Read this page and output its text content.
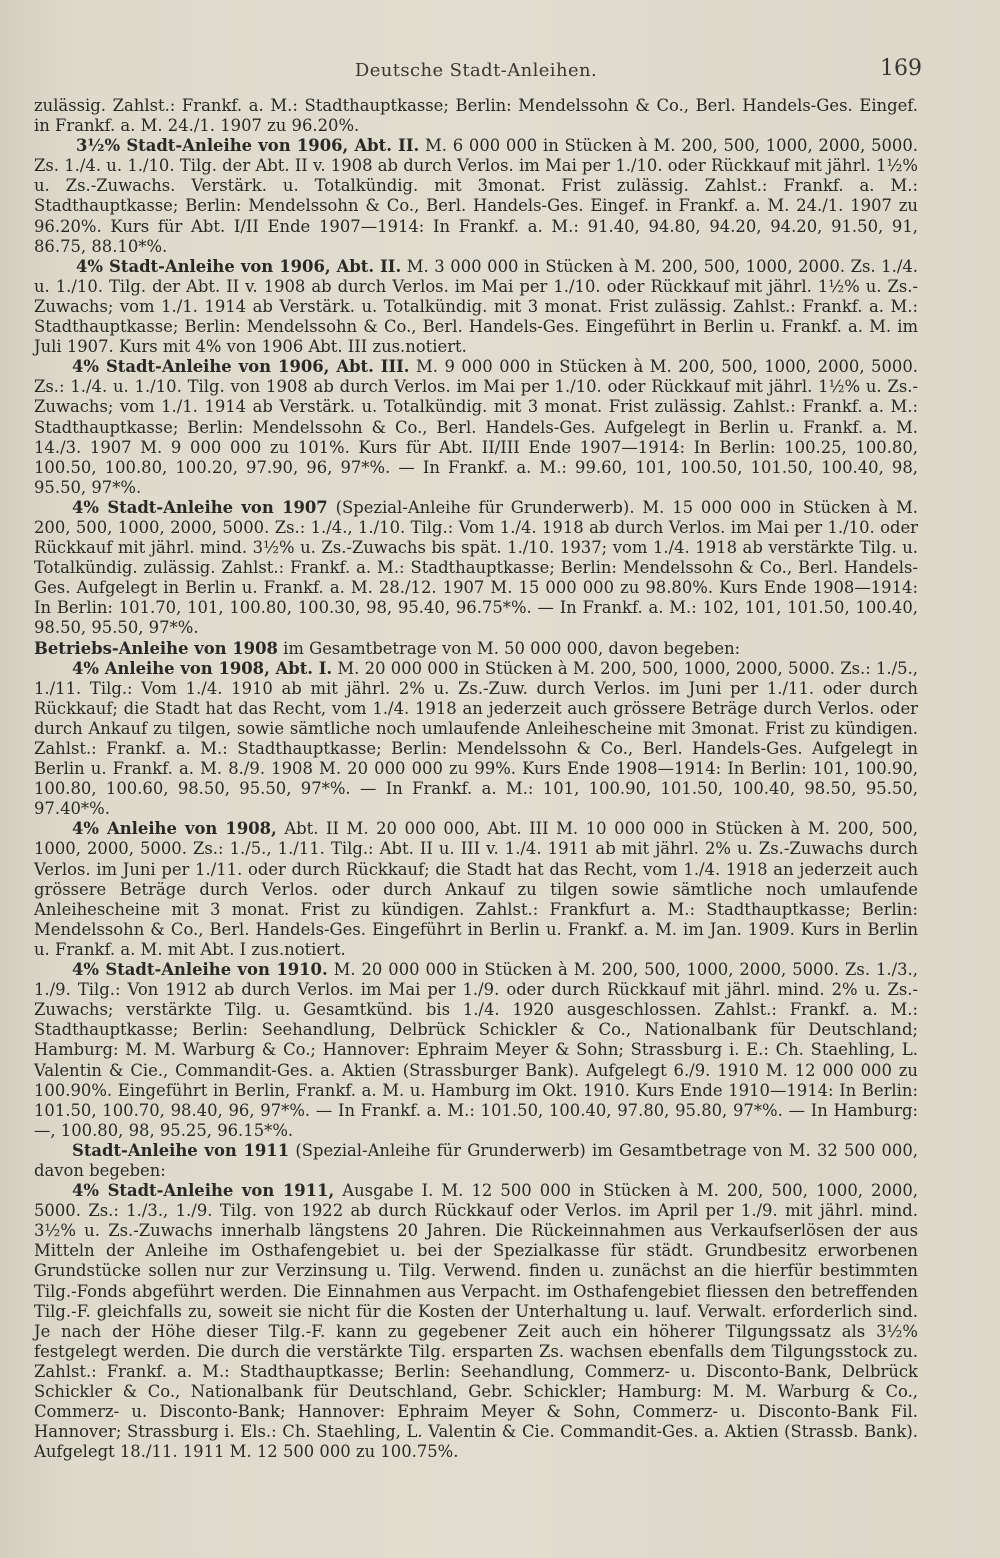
Deutsche Stadt-Anleihen.	169

zulässig. Zahlst.: Frankf. a. M.: Stadthauptkasse; Berlin: Mendelssohn & Co., Berl. Handels-Ges. Eingef. in Frankf. a. M. 24./1. 1907 zu 96.20%.

3½% Stadt-Anleihe von 1906, Abt. II. M. 6 000 000 in Stücken à M. 200, 500, 1000, 2000, 5000. Zs. 1./4. u. 1./10. Tilg. der Abt. II v. 1908 ab durch Verlos. im Mai per 1./10. oder Rückkauf mit jährl. 1½% u. Zs.-Zuwachs. Verstärk. u. Totalkündig. mit 3monat. Frist zulässig. Zahlst.: Frankf. a. M.: Stadthauptkasse; Berlin: Mendelssohn & Co., Berl. Handels-Ges. Eingef. in Frankf. a. M. 24./1. 1907 zu 96.20%. Kurs für Abt. I/II Ende 1907—1914: In Frankf. a. M.: 91.40, 94.80, 94.20, 94.20, 91.50, 91, 86.75, 88.10*%.

4% Stadt-Anleihe von 1906, Abt. II. M. 3 000 000 in Stücken à M. 200, 500, 1000, 2000. Zs. 1./4. u. 1./10. Tilg. der Abt. II v. 1908 ab durch Verlos. im Mai per 1./10. oder Rückkauf mit jährl. 1½% u. Zs.-Zuwachs; vom 1./1. 1914 ab Verstärk. u. Totalkündig. mit 3 monat. Frist zulässig. Zahlst.: Frankf. a. M.: Stadthauptkasse; Berlin: Mendelssohn & Co., Berl. Handels-Ges. Eingeführt in Berlin u. Frankf. a. M. im Juli 1907. Kurs mit 4% von 1906 Abt. III zus.notiert.

4% Stadt-Anleihe von 1906, Abt. III. M. 9 000 000 in Stücken à M. 200, 500, 1000, 2000, 5000. Zs.: 1./4. u. 1./10. Tilg. von 1908 ab durch Verlos. im Mai per 1./10. oder Rückkauf mit jährl. 1½% u. Zs.-Zuwachs; vom 1./1. 1914 ab Verstärk. u. Totalkündig. mit 3 monat. Frist zulässig. Zahlst.: Frankf. a. M.: Stadthauptkasse; Berlin: Mendelssohn & Co., Berl. Handels-Ges. Aufgelegt in Berlin u. Frankf. a. M. 14./3. 1907 M. 9 000 000 zu 101%. Kurs für Abt. II/III Ende 1907—1914: In Berlin: 100.25, 100.80, 100.50, 100.80, 100.20, 97.90, 96, 97*%. — In Frankf. a. M.: 99.60, 101, 100.50, 101.50, 100.40, 98, 95.50, 97*%.

4% Stadt-Anleihe von 1907 (Spezial-Anleihe für Grunderwerb). M. 15 000 000 in Stücken à M. 200, 500, 1000, 2000, 5000. Zs.: 1./4., 1./10. Tilg.: Vom 1./4. 1918 ab durch Verlos. im Mai per 1./10. oder Rückkauf mit jährl. mind. 3½% u. Zs.-Zuwachs bis spät. 1./10. 1937; vom 1./4. 1918 ab verstärkte Tilg. u. Totalkündig. zulässig. Zahlst.: Frankf. a. M.: Stadthauptkasse; Berlin: Mendelssohn & Co., Berl. Handels-Ges. Aufgelegt in Berlin u. Frankf. a. M. 28./12. 1907 M. 15 000 000 zu 98.80%. Kurs Ende 1908—1914: In Berlin: 101.70, 101, 100.80, 100.30, 98, 95.40, 96.75*%. — In Frankf. a. M.: 102, 101, 101.50, 100.40, 98.50, 95.50, 97*%.

Betriebs-Anleihe von 1908 im Gesamtbetrage von M. 50 000 000, davon begeben:

4% Anleihe von 1908, Abt. I. M. 20 000 000 in Stücken à M. 200, 500, 1000, 2000, 5000. Zs.: 1./5., 1./11. Tilg.: Vom 1./4. 1910 ab mit jährl. 2% u. Zs.-Zuw. durch Verlos. im Juni per 1./11. oder durch Rückkauf; die Stadt hat das Recht, vom 1./4. 1918 an jederzeit auch grössere Beträge durch Verlos. oder durch Ankauf zu tilgen, sowie sämtliche noch umlaufende Anleihescheine mit 3monat. Frist zu kündigen. Zahlst.: Frankf. a. M.: Stadthauptkasse; Berlin: Mendelssohn & Co., Berl. Handels-Ges. Aufgelegt in Berlin u. Frankf. a. M. 8./9. 1908 M. 20 000 000 zu 99%. Kurs Ende 1908—1914: In Berlin: 101, 100.90, 100.80, 100.60, 98.50, 95.50, 97*%. — In Frankf. a. M.: 101, 100.90, 101.50, 100.40, 98.50, 95.50, 97.40*%.

4% Anleihe von 1908, Abt. II M. 20 000 000, Abt. III M. 10 000 000 in Stücken à M. 200, 500, 1000, 2000, 5000. Zs.: 1./5., 1./11. Tilg.: Abt. II u. III v. 1./4. 1911 ab mit jährl. 2% u. Zs.-Zuwachs durch Verlos. im Juni per 1./11. oder durch Rückkauf; die Stadt hat das Recht, vom 1./4. 1918 an jederzeit auch grössere Beträge durch Verlos. oder durch Ankauf zu tilgen sowie sämtliche noch umlaufende Anleihescheine mit 3 monat. Frist zu kündigen. Zahlst.: Frankfurt a. M.: Stadthauptkasse; Berlin: Mendelssohn & Co., Berl. Handels-Ges. Eingeführt in Berlin u. Frankf. a. M. im Jan. 1909. Kurs in Berlin u. Frankf. a. M. mit Abt. I zus.notiert.

4% Stadt-Anleihe von 1910. M. 20 000 000 in Stücken à M. 200, 500, 1000, 2000, 5000. Zs. 1./3., 1./9. Tilg.: Von 1912 ab durch Verlos. im Mai per 1./9. oder durch Rückkauf mit jährl. mind. 2% u. Zs.-Zuwachs; verstärkte Tilg. u. Gesamtkünd. bis 1./4. 1920 ausgeschlossen. Zahlst.: Frankf. a. M.: Stadthauptkasse; Berlin: Seehandlung, Delbrück Schickler & Co., Nationalbank für Deutschland; Hamburg: M. M. Warburg & Co.; Hannover: Ephraim Meyer & Sohn; Strassburg i. E.: Ch. Staehling, L. Valentin & Cie., Commandit-Ges. a. Aktien (Strassburger Bank). Aufgelegt 6./9. 1910 M. 12 000 000 zu 100.90%. Eingeführt in Berlin, Frankf. a. M. u. Hamburg im Okt. 1910. Kurs Ende 1910—1914: In Berlin: 101.50, 100.70, 98.40, 96, 97*%. — In Frankf. a. M.: 101.50, 100.40, 97.80, 95.80, 97*%. — In Hamburg: —, 100.80, 98, 95.25, 96.15*%.

Stadt-Anleihe von 1911 (Spezial-Anleihe für Grunderwerb) im Gesamtbetrage von M. 32 500 000, davon begeben:

4% Stadt-Anleihe von 1911, Ausgabe I. M. 12 500 000 in Stücken à M. 200, 500, 1000, 2000, 5000. Zs.: 1./3., 1./9. Tilg. von 1922 ab durch Rückkauf oder Verlos. im April per 1./9. mit jährl. mind. 3½% u. Zs.-Zuwachs innerhalb längstens 20 Jahren. Die Rückeinnahmen aus Verkaufserlösen der aus Mitteln der Anleihe im Osthafengebiet u. bei der Spezialkasse für städt. Grundbesitz erworbenen Grundstücke sollen nur zur Verzinsung u. Tilg. Verwend. finden u. zunächst an die hierfür bestimmten Tilg.-Fonds abgeführt werden. Die Einnahmen aus Verpacht. im Osthafengebiet fliessen den betreffenden Tilg.-F. gleichfalls zu, soweit sie nicht für die Kosten der Unterhaltung u. lauf. Verwalt. erforderlich sind. Je nach der Höhe dieser Tilg.-F. kann zu gegebener Zeit auch ein höherer Tilgungssatz als 3½% festgelegt werden. Die durch die verstärkte Tilg. ersparten Zs. wachsen ebenfalls dem Tilgungsstock zu. Zahlst.: Frankf. a. M.: Stadthauptkasse; Berlin: Seehandlung, Commerz- u. Disconto-Bank, Delbrück Schickler & Co., Nationalbank für Deutschland, Gebr. Schickler; Hamburg: M. M. Warburg & Co., Commerz- u. Disconto-Bank; Hannover: Ephraim Meyer & Sohn, Commerz- u. Disconto-Bank Fil. Hannover; Strassburg i. Els.: Ch. Staehling, L. Valentin & Cie. Commandit-Ges. a. Aktien (Strassb. Bank). Aufgelegt 18./11. 1911 M. 12 500 000 zu 100.75%.
